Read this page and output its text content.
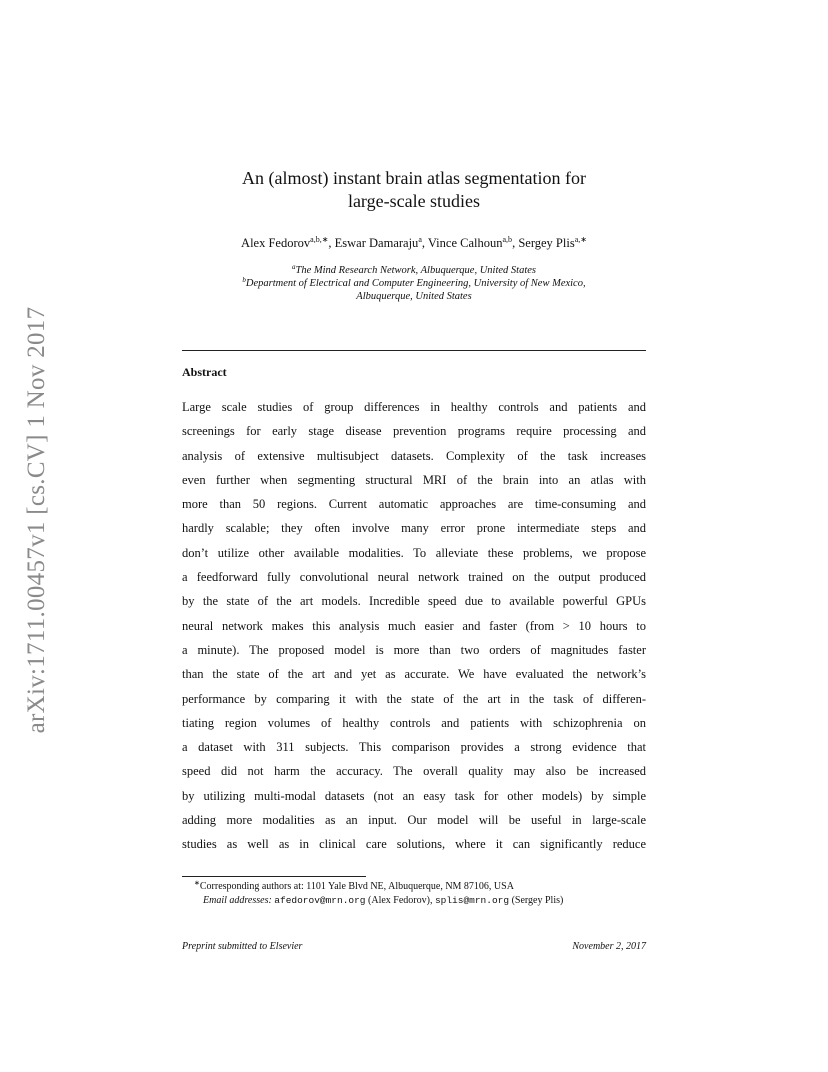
arXiv:1711.00457v1 [cs.CV] 1 Nov 2017
An (almost) instant brain atlas segmentation for
large-scale studies
Alex Fedorov$^{a,b,∗}$, Eswar Damaraju$^a$, Vince Calhoun$^{a,b}$, Sergey Plis$^{a,∗}$
$^a$The Mind Research Network, Albuquerque, United States
$^b$Department of Electrical and Computer Engineering, University of New Mexico,
Albuquerque, United States
Abstract
Large scale studies of group differences in healthy controls and patients and
screenings for early stage disease prevention programs require processing and
analysis of extensive multisubject datasets. Complexity of the task increases
even further when segmenting structural MRI of the brain into an atlas with
more than 50 regions. Current automatic approaches are time-consuming and
hardly scalable; they often involve many error prone intermediate steps and
don’t utilize other available modalities. To alleviate these problems, we propose
a feedforward fully convolutional neural network trained on the output produced
by the state of the art models. Incredible speed due to available powerful GPUs
neural network makes this analysis much easier and faster (from > 10 hours to
a minute). The proposed model is more than two orders of magnitudes faster
than the state of the art and yet as accurate. We have evaluated the network’s
performance by comparing it with the state of the art in the task of differen-
tiating region volumes of healthy controls and patients with schizophrenia on
a dataset with 311 subjects. This comparison provides a strong evidence that
speed did not harm the accuracy. The overall quality may also be increased
by utilizing multi-modal datasets (not an easy task for other models) by simple
adding more modalities as an input. Our model will be useful in large-scale
studies as well as in clinical care solutions, where it can significantly reduce
∗Corresponding authors at: 1101 Yale Blvd NE, Albuquerque, NM 87106, USA
Email addresses: afedorov@mrn.org (Alex Fedorov), splis@mrn.org (Sergey Plis)
Preprint submitted to Elsevier	November 2, 2017
